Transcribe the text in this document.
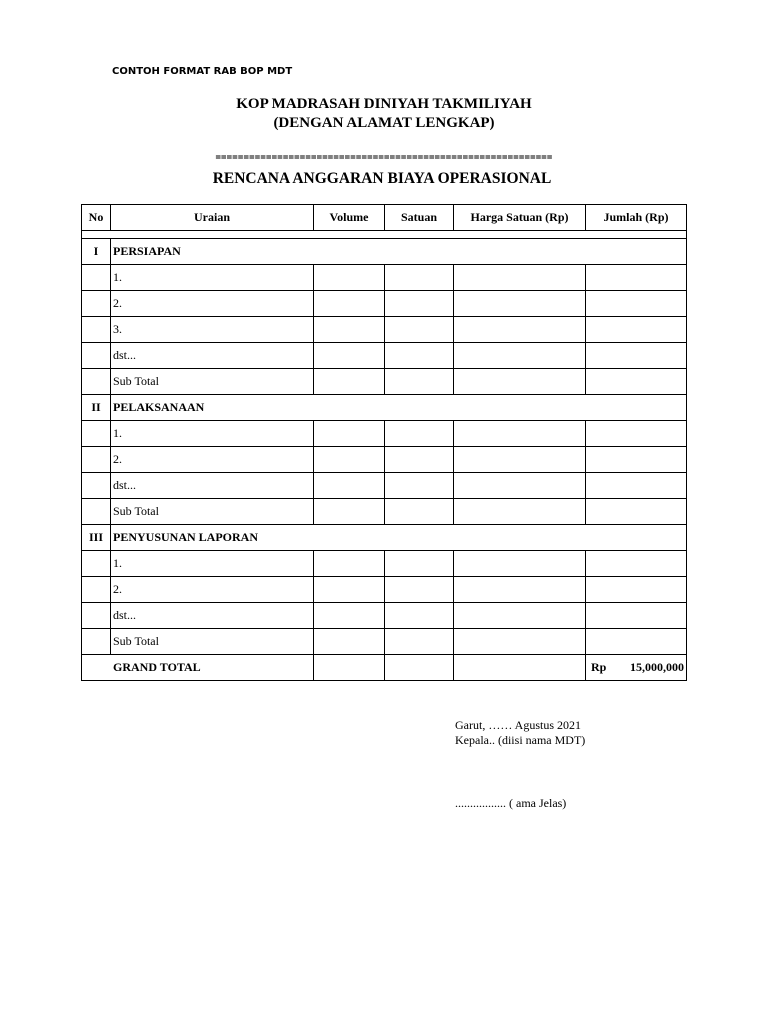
CONTOH FORMAT RAB BOP MDT
KOP MADRASAH DINIYAH TAKMILIYAH
(DENGAN ALAMAT LENGKAP)
============================================================
RENCANA ANGGARAN BIAYA OPERASIONAL
No	Uraian	Volume	Satuan	Harga Satuan (Rp)	Jumlah (Rp)

I	PERSIAPAN				
	1.				
	2.				
	3.				
	dst...				
	Sub Total				
II	PELAKSANAAN				
	1.				
	2.				
	dst...				
	Sub Total				
III	PENYUSUNAN LAPORAN				
	1.				
	2.				
	dst...				
	Sub Total				
GRAND TOTAL					Rp 15,000,000
Garut, …… Agustus 2021
Kepala.. (diisi nama MDT)
................. ( ama Jelas)
